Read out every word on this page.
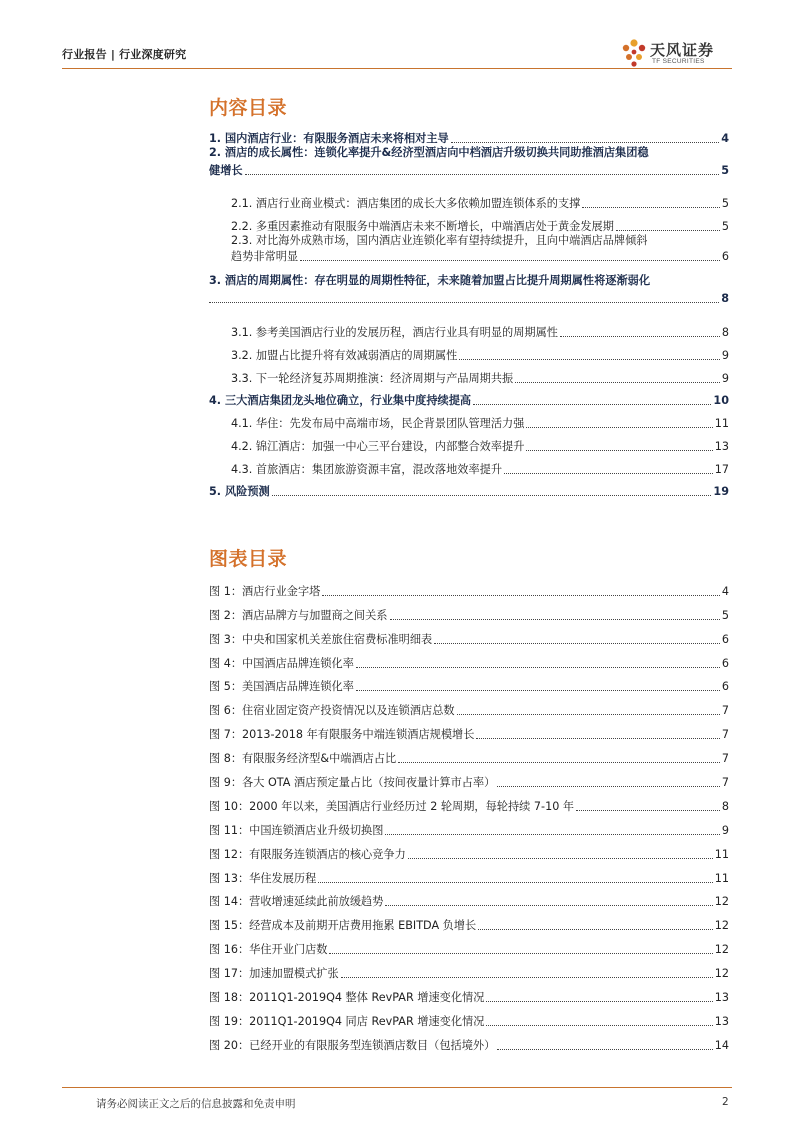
行业报告 | 行业深度研究	天风证券
TF SECURITIES
内容目录
1. 国内酒店行业：有限服务酒店未来将相对主导	4
2. 酒店的成长属性：连锁化率提升&经济型酒店向中档酒店升级切换共同助推酒店集团稳
健增长	5
2.1. 酒店行业商业模式：酒店集团的成长大多依赖加盟连锁体系的支撑	5
2.2. 多重因素推动有限服务中端酒店未来不断增长，中端酒店处于黄金发展期	5
2.3. 对比海外成熟市场，国内酒店业连锁化率有望持续提升，且向中端酒店品牌倾斜
趋势非常明显	6
3. 酒店的周期属性：存在明显的周期性特征，未来随着加盟占比提升周期属性将逐渐弱化
8
3.1. 参考美国酒店行业的发展历程，酒店行业具有明显的周期属性	8
3.2. 加盟占比提升将有效减弱酒店的周期属性	9
3.3. 下一轮经济复苏周期推演：经济周期与产品周期共振	9
4. 三大酒店集团龙头地位确立，行业集中度持续提高	10
4.1. 华住：先发布局中高端市场，民企背景团队管理活力强	11
4.2. 锦江酒店：加强一中心三平台建设，内部整合效率提升	13
4.3. 首旅酒店：集团旅游资源丰富，混改落地效率提升	17
5. 风险预测	19
图表目录
图 1：酒店行业金字塔	4
图 2：酒店品牌方与加盟商之间关系	5
图 3：中央和国家机关差旅住宿费标准明细表	6
图 4：中国酒店品牌连锁化率	6
图 5：美国酒店品牌连锁化率	6
图 6：住宿业固定资产投资情况以及连锁酒店总数	7
图 7：2013-2018 年有限服务中端连锁酒店规模增长	7
图 8：有限服务经济型&中端酒店占比	7
图 9：各大 OTA 酒店预定量占比（按间夜量计算市占率）	7
图 10：2000 年以来，美国酒店行业经历过 2 轮周期，每轮持续 7-10 年	8
图 11：中国连锁酒店业升级切换图	9
图 12：有限服务连锁酒店的核心竞争力	11
图 13：华住发展历程	11
图 14：营收增速延续此前放缓趋势	12
图 15：经营成本及前期开店费用拖累 EBITDA 负增长	12
图 16：华住开业门店数	12
图 17：加速加盟模式扩张	12
图 18：2011Q1-2019Q4 整体 RevPAR 增速变化情况	13
图 19：2011Q1-2019Q4 同店 RevPAR 增速变化情况	13
图 20：已经开业的有限服务型连锁酒店数目（包括境外）	14
请务必阅读正文之后的信息披露和免责申明	2
